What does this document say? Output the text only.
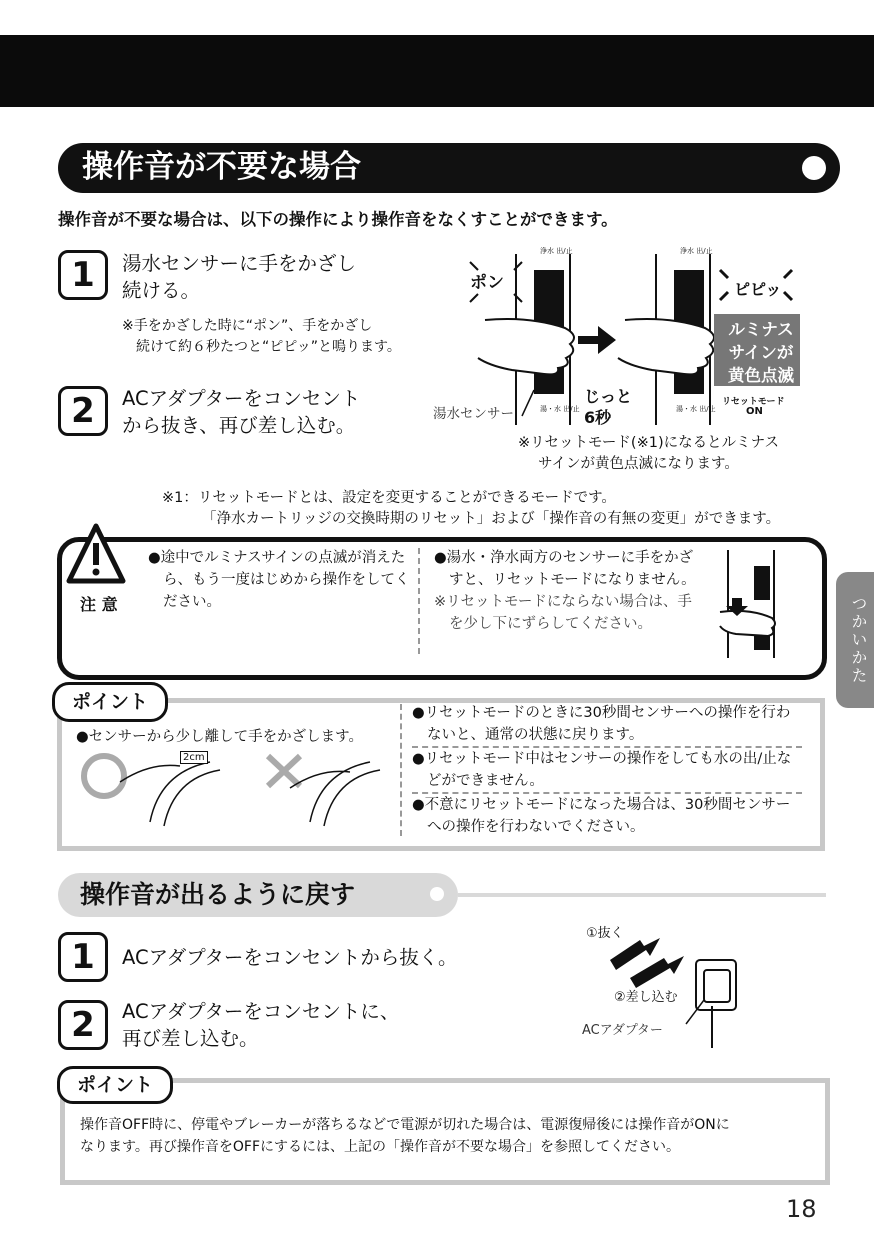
操作音が不要な場合
操作音が不要な場合は、以下の操作により操作音をなくすことができます。
1	湯水センサーに手をかざし
続ける。
※手をかざした時に“ポン”、手をかざし
続けて約６秒たつと“ピピッ”と鳴ります。
2	ACアダプターをコンセント
から抜き、再び差し込む。
ポン	ピピッ
浄水 出/止	浄水 出/止
湯・水 出/止	湯・水 出/止
湯水センサー
じっと
6秒
ルミナス
サインが
黄色点滅
リセットモード
ON
※リセットモード(※1)になるとルミナス
サインが黄色点滅になります。
※1：リセットモードとは、設定を変更することができるモードです。
「浄水カートリッジの交換時期のリセット」および「操作音の有無の変更」ができます。
注 意
●途中でルミナスサインの点滅が消えた
ら、もう一度はじめから操作をしてく
ださい。
●湯水・浄水両方のセンサーに手をかざ
すと、リセットモードになりません。
※リセットモードにならない場合は、手
を少し下にずらしてください。	つかいかた
ポイント
●センサーから少し離して手をかざします。
2cm
●リセットモードのときに30秒間センサーへの操作を行わ
ないと、通常の状態に戻ります。
●リセットモード中はセンサーの操作をしても水の出/止な
どができません。
●不意にリセットモードになった場合は、30秒間センサー
への操作を行わないでください。
操作音が出るように戻す
1	ACアダプターをコンセントから抜く。
2	ACアダプターをコンセントに、
再び差し込む。
①抜く
②差し込む
ACアダプター
ポイント
操作音OFF時に、停電やブレーカーが落ちるなどで電源が切れた場合は、電源復帰後には操作音がONに
なります。再び操作音をOFFにするには、上記の「操作音が不要な場合」を参照してください。
18
